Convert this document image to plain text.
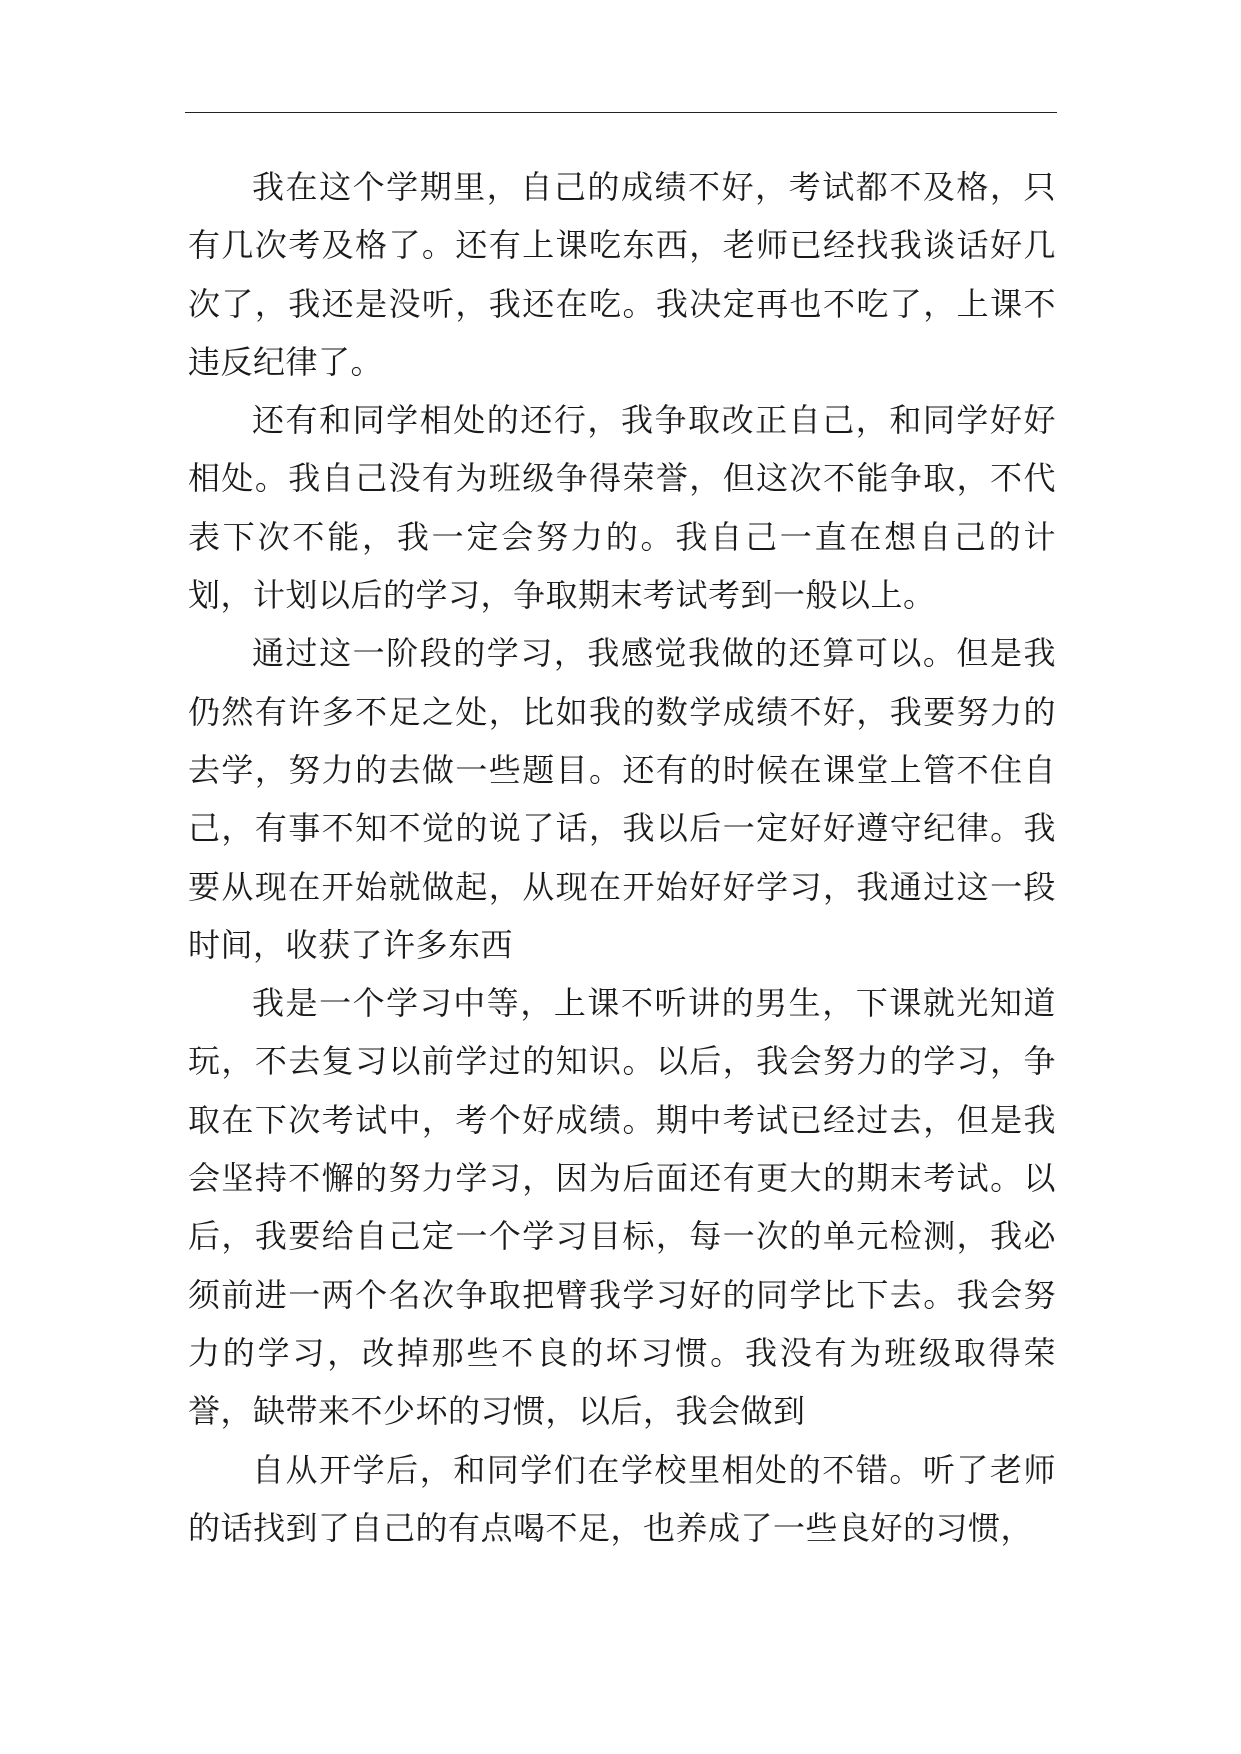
我在这个学期里，自己的成绩不好，考试都不及格，只有几次考及格了。还有上课吃东西，老师已经找我谈话好几次了，我还是没听，我还在吃。我决定再也不吃了，上课不违反纪律了。

还有和同学相处的还行，我争取改正自己，和同学好好相处。我自己没有为班级争得荣誉，但这次不能争取，不代表下次不能，我一定会努力的。我自己一直在想自己的计划，计划以后的学习，争取期末考试考到一般以上。

通过这一阶段的学习，我感觉我做的还算可以。但是我仍然有许多不足之处，比如我的数学成绩不好，我要努力的去学，努力的去做一些题目。还有的时候在课堂上管不住自己，有事不知不觉的说了话，我以后一定好好遵守纪律。我要从现在开始就做起，从现在开始好好学习，我通过这一段时间，收获了许多东西

我是一个学习中等，上课不听讲的男生，下课就光知道玩，不去复习以前学过的知识。以后，我会努力的学习，争取在下次考试中，考个好成绩。期中考试已经过去，但是我会坚持不懈的努力学习，因为后面还有更大的期末考试。以后，我要给自己定一个学习目标，每一次的单元检测，我必须前进一两个名次争取把臂我学习好的同学比下去。我会努力的学习，改掉那些不良的坏习惯。我没有为班级取得荣誉，缺带来不少坏的习惯，以后，我会做到

自从开学后，和同学们在学校里相处的不错。听了老师的话找到了自己的有点喝不足，也养成了一些良好的习惯，
